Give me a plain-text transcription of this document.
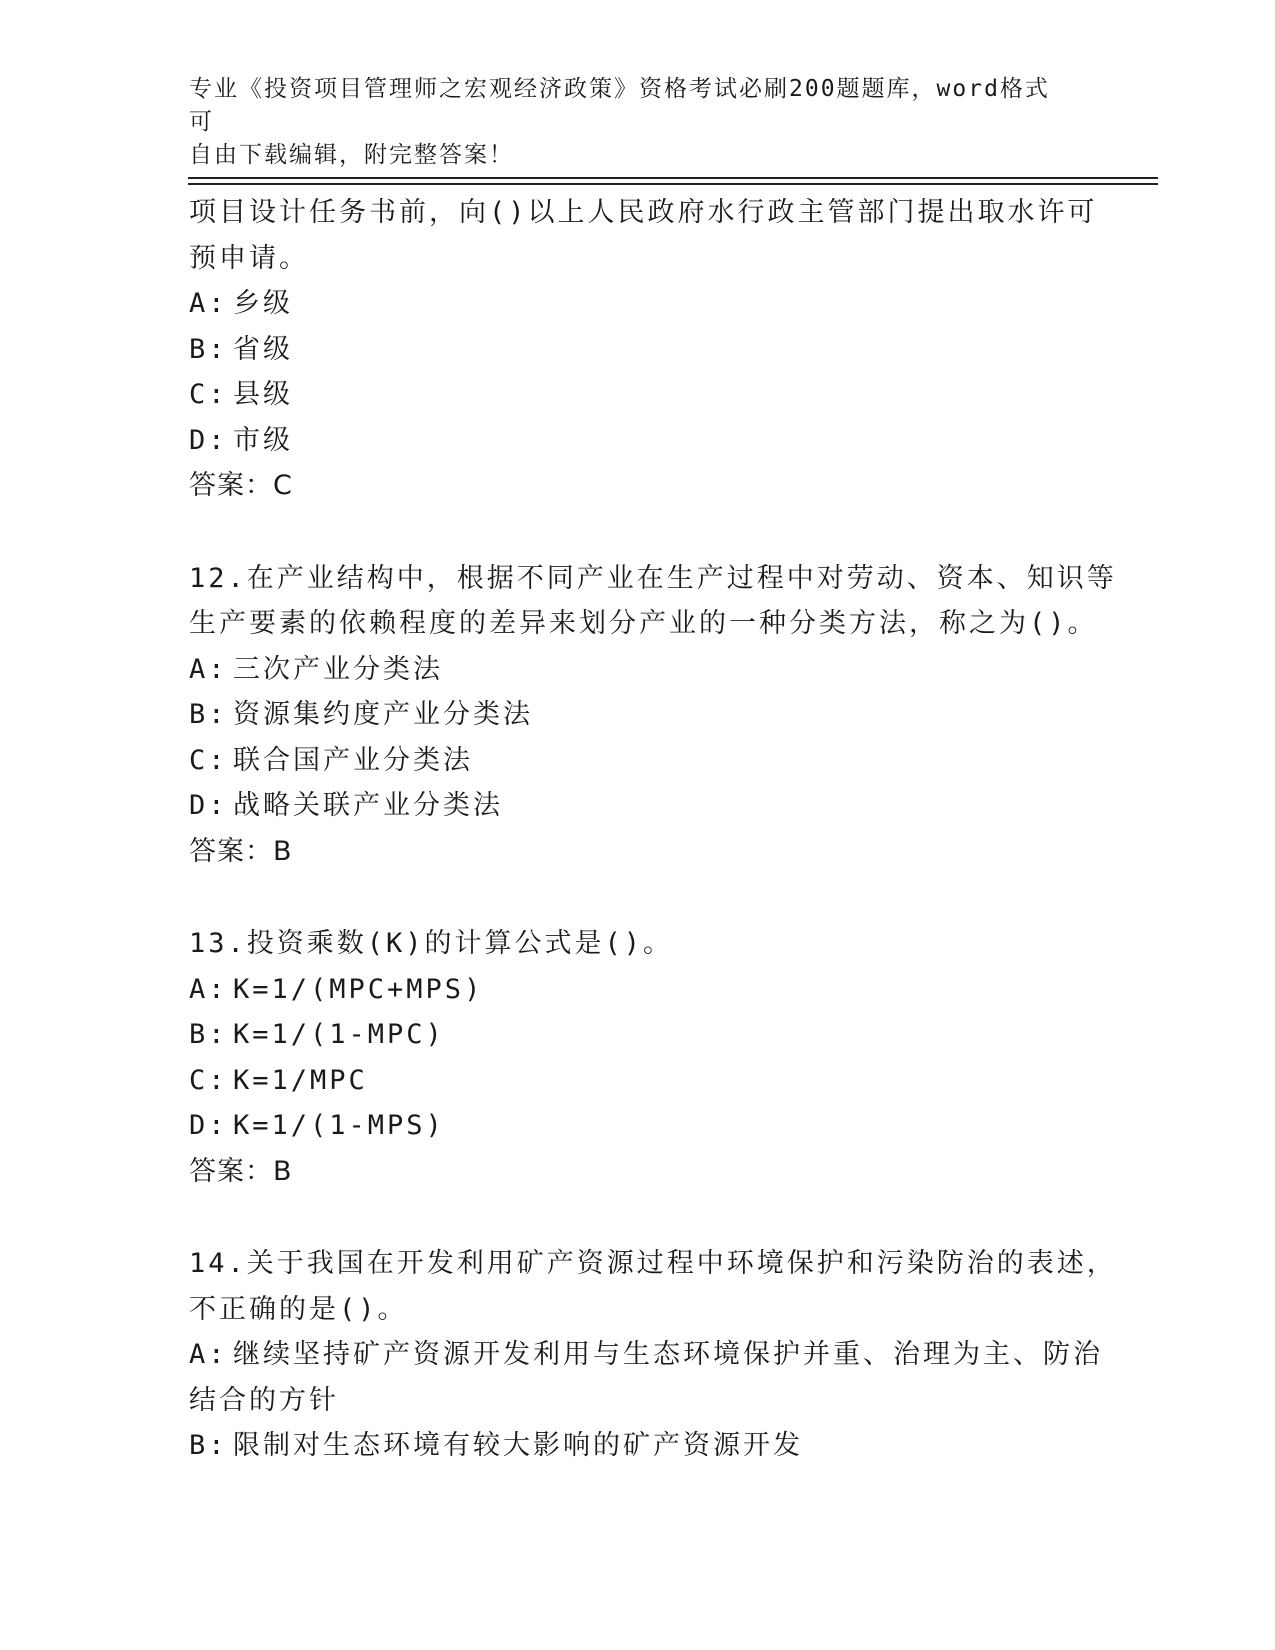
专业《投资项目管理师之宏观经济政策》资格考试必刷200题题库，word格式可
自由下载编辑，附完整答案！
项目设计任务书前，向()以上人民政府水行政主管部门提出取水许可
预申请。
A: 乡级
B: 省级
C: 县级
D: 市级
答案：C
12.在产业结构中，根据不同产业在生产过程中对劳动、资本、知识等
生产要素的依赖程度的差异来划分产业的一种分类方法，称之为()。
A: 三次产业分类法
B: 资源集约度产业分类法
C: 联合国产业分类法
D: 战略关联产业分类法
答案：B
13.投资乘数(K)的计算公式是()。
A: K=1/(MPC+MPS)
B: K=1/(1-MPC)
C: K=1/MPC
D: K=1/(1-MPS)
答案：B
14.关于我国在开发利用矿产资源过程中环境保护和污染防治的表述，
不正确的是()。
A: 继续坚持矿产资源开发利用与生态环境保护并重、治理为主、防治
结合的方针
B: 限制对生态环境有较大影响的矿产资源开发
